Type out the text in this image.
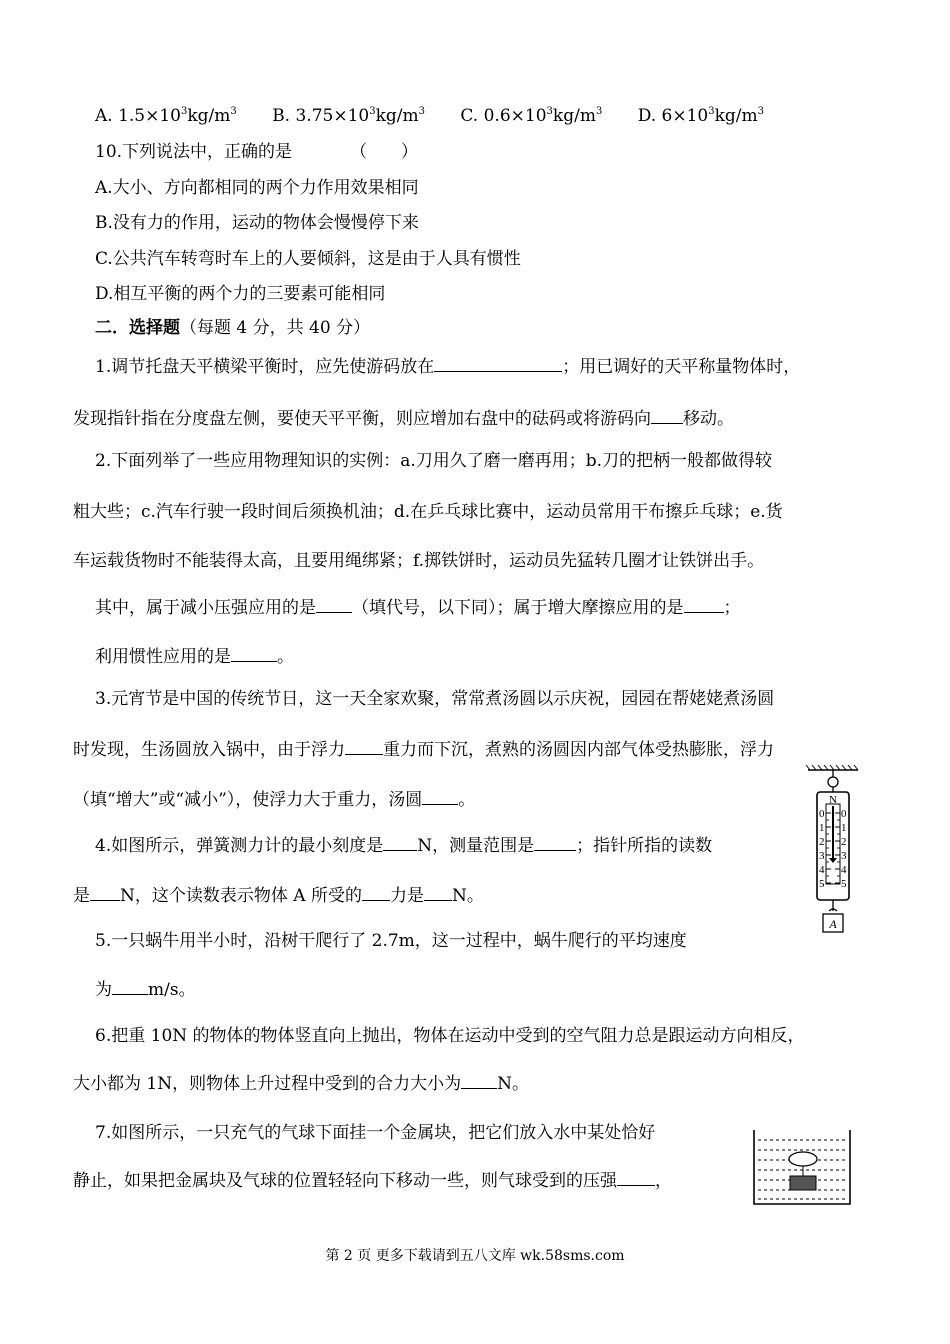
A. $1.5\times 10^3kg/m^3$ B. $3.75\times 10^3kg/m^3$ C. $0.6\times 10^3kg/m^3$ D. $6\times 10^3kg/m^3$
10.下列说法中，正确的是	（　　）
A.大小、方向都相同的两个力作用效果相同
B.没有力的作用，运动的物体会慢慢停下来
C.公共汽车转弯时车上的人要倾斜，这是由于人具有惯性
D.相互平衡的两个力的三要素可能相同
二．选择题（每题 4 分，共 40 分）
1.调节托盘天平横梁平衡时，应先使游码放在	；用已调好的天平称量物体时，
发现指针指在分度盘左侧，要使天平平衡，则应增加右盘中的砝码或将游码向 移动。
2.下面列举了一些应用物理知识的实例：a.刀用久了磨一磨再用；b.刀的把柄一般都做得较
粗大些；c.汽车行驶一段时间后须换机油；d.在乒乓球比赛中，运动员常用干布擦乒乓球；e.货
车运载货物时不能装得太高，且要用绳绑紧；f.掷铁饼时，运动员先猛转几圈才让铁饼出手。
其中，属于减小压强应用的是 （填代号，以下同）；属于增大摩擦应用的是 ；
利用惯性应用的是	。
3.元宵节是中国的传统节日，这一天全家欢聚，常常煮汤圆以示庆祝，园园在帮姥姥煮汤圆
时发现，生汤圆放入锅中，由于浮力 重力而下沉，煮熟的汤圆因内部气体受热膨胀，浮力
（填“增大”或“减小”），使浮力大于重力，汤圆 。
4.如图所示，弹簧测力计的最小刻度是 N，测量范围是 ；指针所指的读数
是 N，这个读数表示物体 A 所受的 力是 N。
N
0
1
2
3
4
5
0
1
2
3
4
5
A
5.一只蜗牛用半小时，沿树干爬行了 2.7m，这一过程中，蜗牛爬行的平均速度
为 m/s。
6.把重 10N 的物体的物体竖直向上抛出，物体在运动中受到的空气阻力总是跟运动方向相反，
大小都为 1N，则物体上升过程中受到的合力大小为 N。
7.如图所示，一只充气的气球下面挂一个金属块，把它们放入水中某处恰好
静止，如果把金属块及气球的位置轻轻向下移动一些，则气球受到的压强 ，
第 2 页 更多下载请到五八文库 wk.58sms.com
